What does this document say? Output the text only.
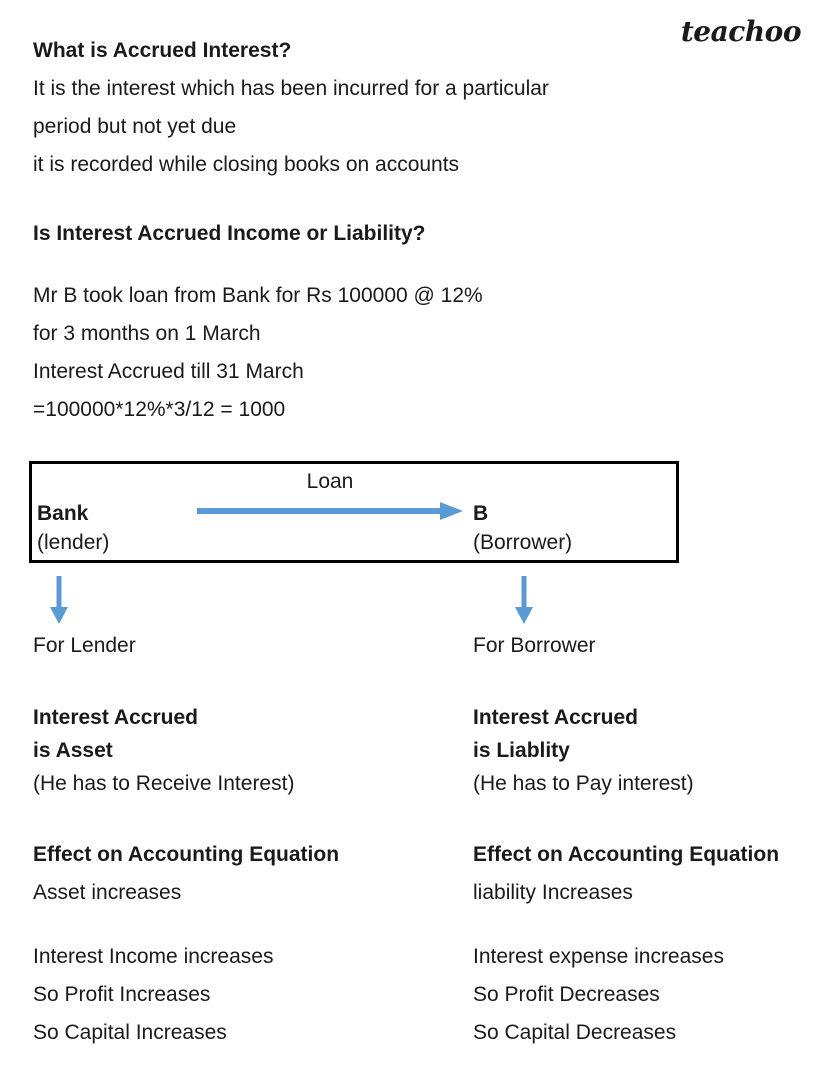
teachoo
What is Accrued Interest?
It is the interest which has been incurred for a particular
period but not yet due
it is recorded while closing books on accounts
Is Interest Accrued Income or Liability?
Mr B took loan from Bank for Rs 100000 @ 12%
for 3 months on 1 March
Interest Accrued till 31 March
=100000*12%*3/12 = 1000
Loan
Bank
(lender)
B
(Borrower)
For Lender
Interest Accrued
is Asset
(He has to Receive Interest)
Effect on Accounting Equation
Asset increases
Interest Income increases
So Profit Increases
So Capital Increases
For Borrower
Interest Accrued
is Liablity
(He has to Pay interest)
Effect on Accounting Equation
liability Increases
Interest expense increases
So Profit Decreases
So Capital Decreases
